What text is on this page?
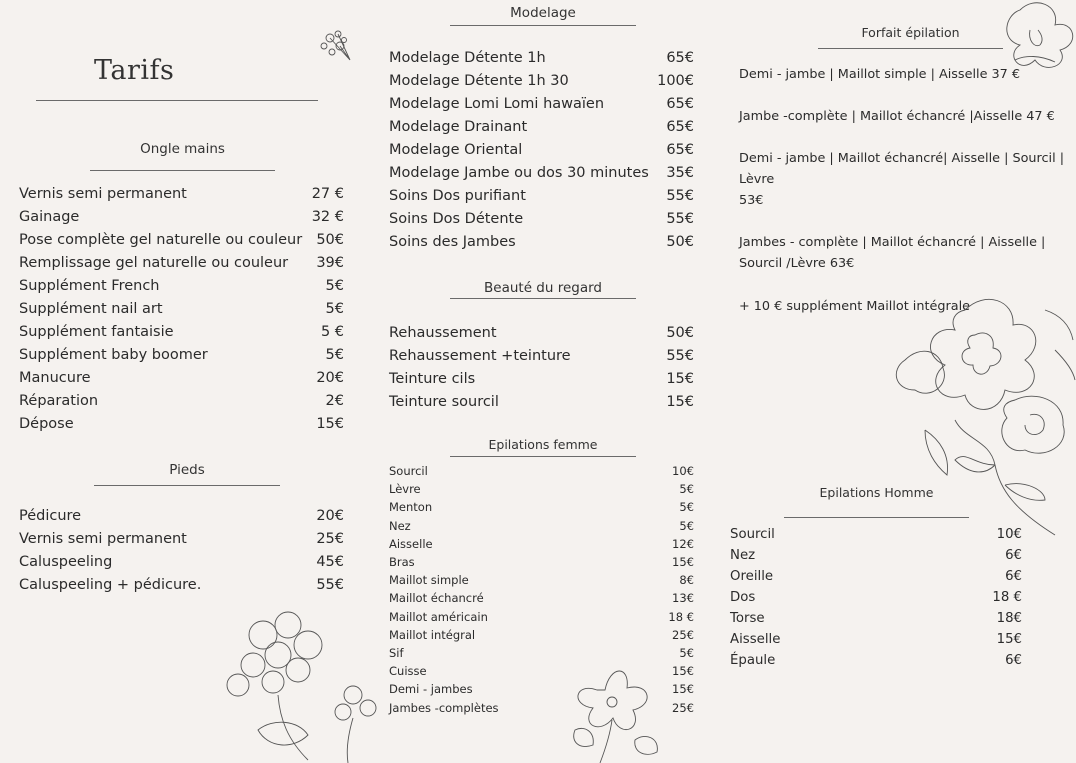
Tarifs
Ongle mains
Vernis semi permanent	27 €
Gainage	32 €
Pose complète gel naturelle ou couleur 50€
Remplissage gel naturelle ou couleur 39€
Supplément French	5€
Supplément nail art	5€
Supplément fantaisie	5 €
Supplément baby boomer	5€
Manucure	20€
Réparation	2€
Dépose	15€
Pieds
Pédicure	20€
Vernis semi permanent	25€
Caluspeeling	45€
Caluspeeling + pédicure.	55€
Modelage
Modelage Détente 1h	65€
Modelage Détente 1h 30	100€
Modelage Lomi Lomi hawaïen	65€
Modelage Drainant	65€
Modelage Oriental	65€
Modelage Jambe ou dos 30 minutes 35€
Soins Dos purifiant	55€
Soins Dos Détente	55€
Soins des Jambes	50€
Beauté du regard
Rehaussement	50€
Rehaussement +teinture	55€
Teinture cils	15€
Teinture sourcil	15€
Epilations femme
Sourcil	10€
Lèvre	5€
Menton	5€
Nez	5€
Aisselle	12€
Bras	15€
Maillot simple	8€
Maillot échancré	13€
Maillot américain	18 €
Maillot intégral	25€
Sif	5€
Cuisse	15€
Demi - jambes	15€
Jambes -complètes	25€
Forfait épilation
Demi - jambe | Maillot simple | Aisselle 37 €
Jambe -complète | Maillot échancré |Aisselle 47 €
Demi - jambe | Maillot échancré| Aisselle | Sourcil |
Lèvre
53€
Jambes - complète | Maillot échancré | Aisselle |
Sourcil /Lèvre 63€
+ 10 € supplément Maillot intégrale
Epilations Homme
Sourcil	10€
Nez	6€
Oreille	6€
Dos	18 €
Torse	18€
Aisselle	15€
Épaule	6€
